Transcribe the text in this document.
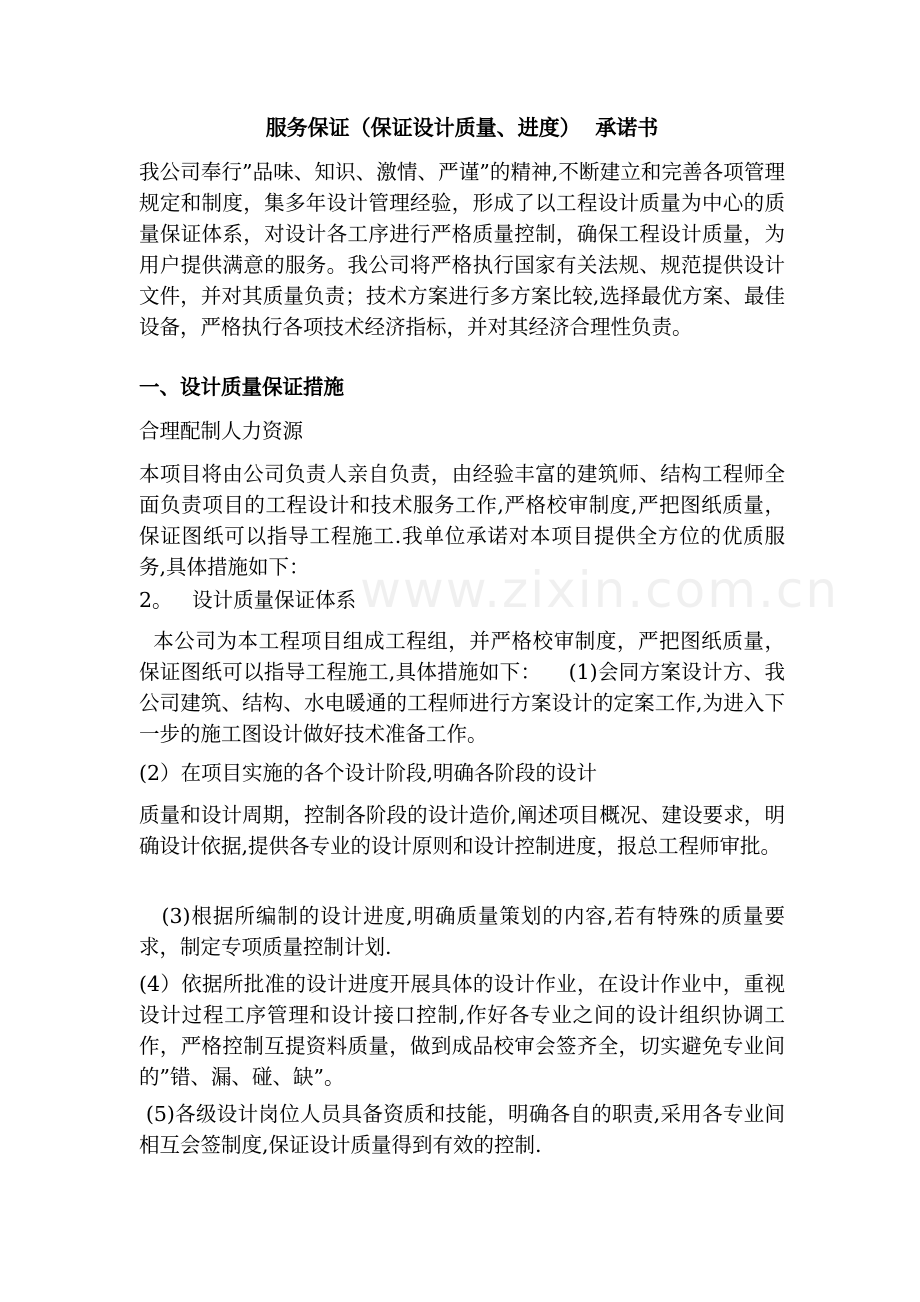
www.zixin.com.cn
服务保证（保证设计质量、进度）  承诺书

我公司奉行”品味、知识、激情、严谨”的精神,不断建立和完善各项管理规定和制度，集多年设计管理经验，形成了以工程设计质量为中心的质量保证体系，对设计各工序进行严格质量控制，确保工程设计质量，为用户提供满意的服务。我公司将严格执行国家有关法规、规范提供设计文件，并对其质量负责；技术方案进行多方案比较,选择最优方案、最佳设备，严格执行各项技术经济指标，并对其经济合理性负责。

一、设计质量保证措施

合理配制人力资源

本项目将由公司负责人亲自负责，由经验丰富的建筑师、结构工程师全面负责项目的工程设计和技术服务工作,严格校审制度,严把图纸质量，保证图纸可以指导工程施工.我单位承诺对本项目提供全方位的优质服务,具体措施如下：

2。   设计质量保证体系

本公司为本工程项目组成工程组，并严格校审制度，严把图纸质量，保证图纸可以指导工程施工,具体措施如下：    (1)会同方案设计方、我公司建筑、结构、水电暖通的工程师进行方案设计的定案工作,为进入下一步的施工图设计做好技术准备工作。

(2）在项目实施的各个设计阶段,明确各阶段的设计

质量和设计周期，控制各阶段的设计造价,阐述项目概况、建设要求，明确设计依据,提供各专业的设计原则和设计控制进度，报总工程师审批。

(3)根据所编制的设计进度,明确质量策划的内容,若有特殊的质量要求，制定专项质量控制计划.

(4）依据所批准的设计进度开展具体的设计作业，在设计作业中，重视设计过程工序管理和设计接口控制,作好各专业之间的设计组织协调工作，严格控制互提资料质量，做到成品校审会签齐全，切实避免专业间的”错、漏、碰、缺”。

(5)各级设计岗位人员具备资质和技能，明确各自的职责,采用各专业间相互会签制度,保证设计质量得到有效的控制.
